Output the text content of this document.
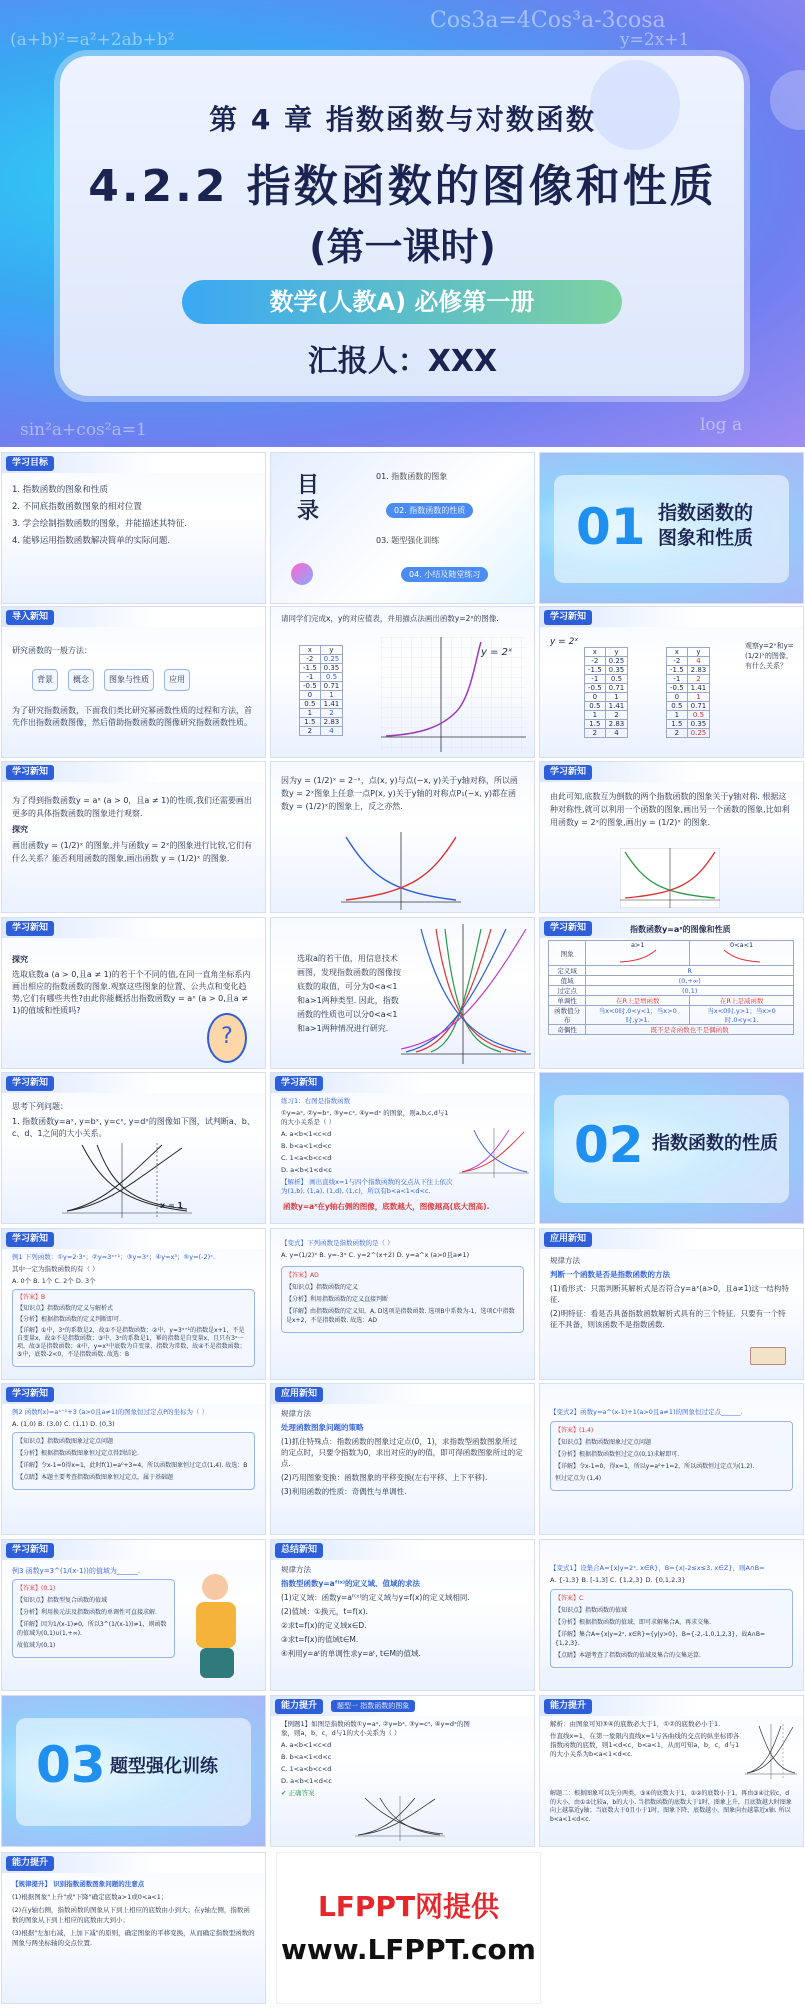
Cos3a=4Cos³a-3cosa
(a+b)²=a²+2ab+b²
sin²a+cos²a=1	log a
y=2x+1
第 4 章 指数函数与对数函数
4.2.2 指数函数的图像和性质
(第一课时)
数学(人教A) 必修第一册
汇报人：XXX
学习目标
1. 指数函数的图象和性质
2. 不同底指数函数图象的相对位置
3. 学会绘制指数函数的图象，并能描述其特征.
4. 能够运用指数函数解决简单的实际问题.
目录
01. 指数函数的图象
02. 指数函数的性质
03. 题型强化训练
04. 小结及随堂练习
01 指数函数的
图象和性质
导入新知
研究函数的一般方法：
背景	概念	图象与性质	应用
为了研究指数函数，下面我们类比研究幂函数性质的过程和方法，首先作出指数函数图像，然后借助指数函数的图像研究指数函数性质。
请同学们完成x，y的对应值表，并用描点法画出函数y=2ˣ的图像.
x	y
-2	0.25
-1.5	0.35
-1	0.5
-0.5	0.71
0	1
0.5	1.41
1	2
1.5	2.83
2	4
y = 2ˣ
学习新知
y = 2ˣ
x	y
-2	0.25
-1.5	0.35
-1	0.5
-0.5	0.71
0	1
0.5	1.41
1	2
1.5	2.83
2	4
x	y
-2	4
-1.5	2.83
-1	2
-0.5	1.41
0	1
0.5	0.71
1	0.5
1.5	0.35
2	0.25
观察y=2ˣ和y=(1/2)ˣ的图像，有什么关系？
学习新知
为了得到指数函数y = aˣ (a > 0，且a ≠ 1)的性质,我们还需要画出更多的具体指数函数的图象进行观察.
探究
画出函数y = (1/2)ˣ 的图象,并与函数y = 2ˣ的图象进行比较,它们有什么关系？能否利用函数的图象,画出函数 y = (1/2)ˣ 的图象.
因为y = (1/2)ˣ = 2⁻ˣ，点(x, y)与点(−x, y)关于y轴对称，所以函数y = 2ˣ图象上任意一点P(x, y)关于y轴的对称点P₁(−x, y)都在函数y = (1/2)ˣ的图象上，反之亦然.
学习新知
由此可知,底数互为倒数的两个指数函数的图象关于y轴对称. 根据这种对称性,就可以利用一个函数的图象,画出另一个函数的图象,比如利用函数y = 2ˣ的图象,画出y = (1/2)ˣ 的图象.
学习新知
探究
选取底数a (a > 0,且a ≠ 1)的若干个不同的值,在同一直角坐标系内画出相应的指数函数的图象.观察这些图象的位置、公共点和变化趋势,它们有哪些共性?由此你能概括出指数函数y = aˣ (a > 0,且a ≠ 1)的值域和性质吗?
?
选取a的若干值，用信息技术画图，发现指数函数的图像按底数的取值，可分为0<a<1和a>1两种类型. 因此，指数函数的性质也可以分0<a<1和a>1两种情况进行研究.
学习新知	指数函数y=aˣ的图像和性质
图象	a>1	0<a<1

定义域	R	
值域	(0,+∞)	
过定点	(0,1)	
单调性	在R上是增函数	在R上是减函数
函数值分布	当x<0时,0<y<1；当x>0时,y>1.	当x<0时,y>1；当x>0时,0<y<1.
奇偶性	既不是奇函数也不是偶函数	
学习新知
思考下列问题：
1. 指数函数y=aˣ, y=bˣ, y=cˣ, y=dˣ的图像如下图，试判断a、b、c、d、1之间的大小关系。
x = 1
学习新知
练习1：右图是指数函数
①y=aˣ, ②y=bˣ, ③y=cˣ, ④y=dˣ 的图象，则a,b,c,d与1的大小关系是（ ）
A. a<b<1<c<d
B. b<a<1<d<c
C. 1<a<b<c<d
D. a<b<1<d<c
【解析】 画出直线x=1与四个指数函数的交点从下往上依次为(1,b), (1,a), (1,d), (1,c)，所以有b<a<1<d<c.
函数y=aˣ在y轴右侧的图像，底数越大，图像越高(底大图高).
02 指数函数的性质
学习新知
例1 下列函数：①y=2·3ˣ；②y=3ˣ⁺¹；③y=3ˣ；④y=x³；⑤y=(-2)ˣ.
其中一定为指数函数的有（ ）
A. 0个 B. 1个 C. 2个 D. 3个
【答案】B
【知识点】指数函数的定义与解析式
【分析】根据指数函数的定义判断即可.
【详解】①中，3ˣ的系数是2，故①不是指数函数；②中，y=3ˣ⁺¹的指数是x+1，不是自变量x，故②不是指数函数；③中，3ˣ的系数是1，幂的指数是自变量x，且只有3ˣ一项，故③是指数函数；④中，y=x³中底数为自变量，指数为常数，故④不是指数函数；⑤中，底数-2<0，不是指数函数. 故选：B
【变式】下列函数是指数函数的是（ ）
A. y=(1/2)ˣ B. y=-3ˣ C. y=2^(x+2) D. y=a^x (a>0且a≠1)
【答案】AD
【知识点】指数函数的定义
【分析】利用指数函数的定义直接判断
【详解】由指数函数的定义知，A, D选项是指数函数. 选项B中系数为-1，选项C中指数是x+2，不是指数函数. 故选：AD
应用新知
规律方法
判断一个函数是否是指数函数的方法
(1)看形式：只需判断其解析式是否符合y=aˣ(a>0，且a≠1)这一结构特征.
(2)明特征：看是否具备指数函数解析式具有的三个特征．只要有一个特征不具备，则该函数不是指数函数.
学习新知
例2 函数f(x)=aˣ⁻¹+3 (a>0且a≠1)的图象恒过定点P的坐标为（ ）
A. (1,0) B. (3,0) C. (1,1) D. (0,3)
【知识点】指数函数图象过定点问题
【分析】根据指数函数图象恒过定点得到结论.
【详解】令x-1=0得x=1，此时f(1)=a⁰+3=4，所以函数图象恒过定点(1,4). 故选：B
【点睛】本题主要考查指数函数图象恒过定点，属于基础题
应用新知
规律方法
处理函数图象问题的策略
(1)抓住特殊点：指数函数的图象过定点(0，1)，求指数型函数图象所过的定点时，只要令指数为0，求出对应的y的值，即可得函数图象所过的定点.
(2)巧用图象变换：函数图象的平移变换(左右平移、上下平移).
(3)利用函数的性质：奇偶性与单调性.
【变式2】函数y=a^(x-1)+1(a>0且a≠1)的图象恒过定点______.
【答案】(1,4)
【知识点】指数函数图象过定点问题
【分析】根据指数函数恒过定点(0,1)求解即可.
【详解】令x-1=0，得x=1，所以y=a⁰+1=2，所以函数恒过定点为(1,2).
恒过定点为 (1,4)
学习新知
例3 函数y=3^(1/(x-1))的值域为______.
【答案】(0,1)
【知识点】指数型复合函数的值域
【分析】利用换元法及指数函数的单调性可直接求解.
【详解】因为1/(x-1)≠0，所以3^(1/(x-1))≠1，则函数的值域为(0,1)∪(1,+∞).
故值域为(0,1)
总结新知
规律方法
指数型函数y=aᶠ⁽ˣ⁾的定义域、值域的求法
(1)定义域：函数y=aᶠ⁽ˣ⁾的定义域与y=f(x)的定义域相同.
(2)值域：①换元，t=f(x).
②求t=f(x)的定义域x∈D.
③求t=f(x)的值域t∈M.
④利用y=aᵗ的单调性求y=aᵗ, t∈M的值域.
【变式1】设集合A={x|y=2ˣ, x∈R}，B={x|-2≤x≤3, x∈Z}，则A∩B=
A. {-1,3} B. [-1,3] C. {1,2,3} D. {0,1,2,3}
【答案】C
【知识点】指数函数的值域
【分析】根据指数函数的值域，即可求解集合A，再求交集.
【详解】集合A={x|y=2ˣ, x∈R}={y|y>0}，B={-2,-1,0,1,2,3}，故A∩B={1,2,3}.
【点睛】本题考查了指数函数的值域及集合的交集运算.
03 题型强化训练
能力提升	题型一 指数函数的图象
【例题1】如图是指数函数①y=aˣ, ②y=bˣ, ③y=cˣ, ④y=dˣ的图象，则a，b，c，d与1的大小关系为（ ）
A. a<b<1<c<d
B. b<a<1<d<c
C. 1<a<b<c<d
D. a<b<1<d<c
✔ 正确答案
能力提升
解析：由图象可知③④的底数必大于1，①②的底数必小于1.
作直线x=1，在第一象限内直线x=1与各曲线的交点的纵坐标即各指数函数的底数，则1<d<c，b<a<1，从而可知a，b，c，d与1的大小关系为b<a<1<d<c.
解题二：根据图象可以先分两类，③④的底数大于1，①②的底数小于1，再由③④比较c，d的大小，由①②比较a，b的大小. 当指数函数的底数大于1时，图象上升，且底数越大时图象向上越靠近y轴；当底数大于0且小于1时，图象下降，底数越小，图象向右越靠近x轴. 所以b<a<1<d<c.
能力提升
【规律提升】 识别指数函数图象问题的注意点
(1)根据图象"上升"或"下降"确定底数a>1或0<a<1；
(2)在y轴右侧，指数函数的图象从下到上相应的底数由小到大；在y轴左侧，指数函数的图象从下到上相应的底数由大到小；
(3)根据"左加右减，上加下减"的原则，确定图象的平移变换，从而确定指数型函数的图象与两坐标轴的交点位置.
LFPPT网提供
www.LFPPT.com
